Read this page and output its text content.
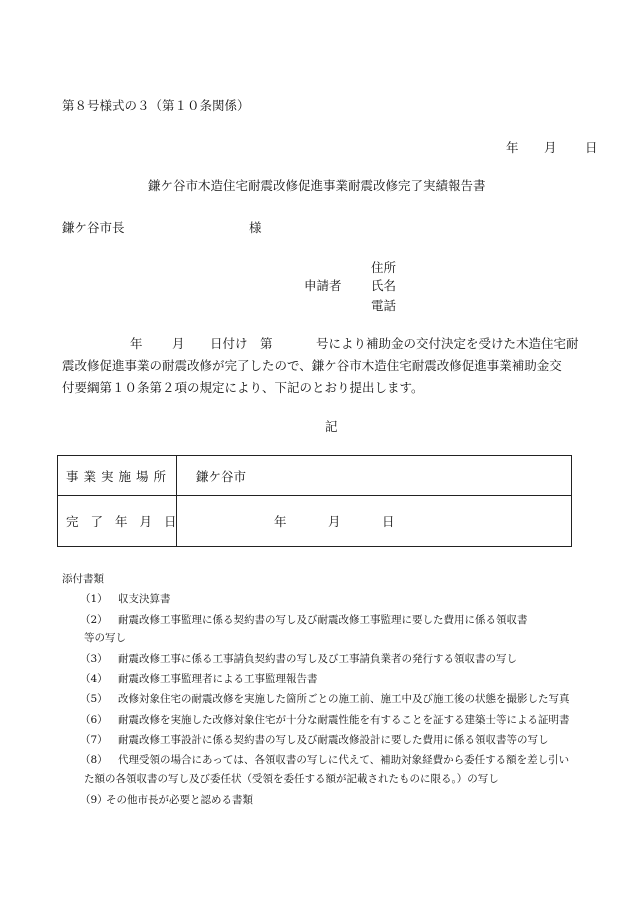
第８号様式の３（第１０条関係）
年 月 日
鎌ケ谷市木造住宅耐震改修促進事業耐震改修完了実績報告書
鎌ケ谷市長	様
住所
申請者 氏名
電話
年 月 日付け　第	号により補助金の交付決定を受けた木造住宅耐
震改修促進事業の耐震改修が完了したので、鎌ケ谷市木造住宅耐震改修促進事業補助金交
付要綱第１０条第２項の規定により、下記のとおり提出します。
記
事業実施場所 鎌ケ谷市
完了年月日	年	月	日
添付書類
（1） 収支決算書
（2） 耐震改修工事監理に係る契約書の写し及び耐震改修工事監理に要した費用に係る領収書
等の写し
（3） 耐震改修工事に係る工事請負契約書の写し及び工事請負業者の発行する領収書の写し
（4） 耐震改修工事監理者による工事監理報告書
（5） 改修対象住宅の耐震改修を実施した箇所ごとの施工前、施工中及び施工後の状態を撮影した写真
（6） 耐震改修を実施した改修対象住宅が十分な耐震性能を有することを証する建築士等による証明書
（7） 耐震改修工事設計に係る契約書の写し及び耐震改修設計に要した費用に係る領収書等の写し
（8） 代理受領の場合にあっては、各領収書の写しに代えて、補助対象経費から委任する額を差し引い
た額の各領収書の写し及び委任状（受領を委任する額が記載されたものに限る。）の写し
（9）
その他市長が必要と認める書類
